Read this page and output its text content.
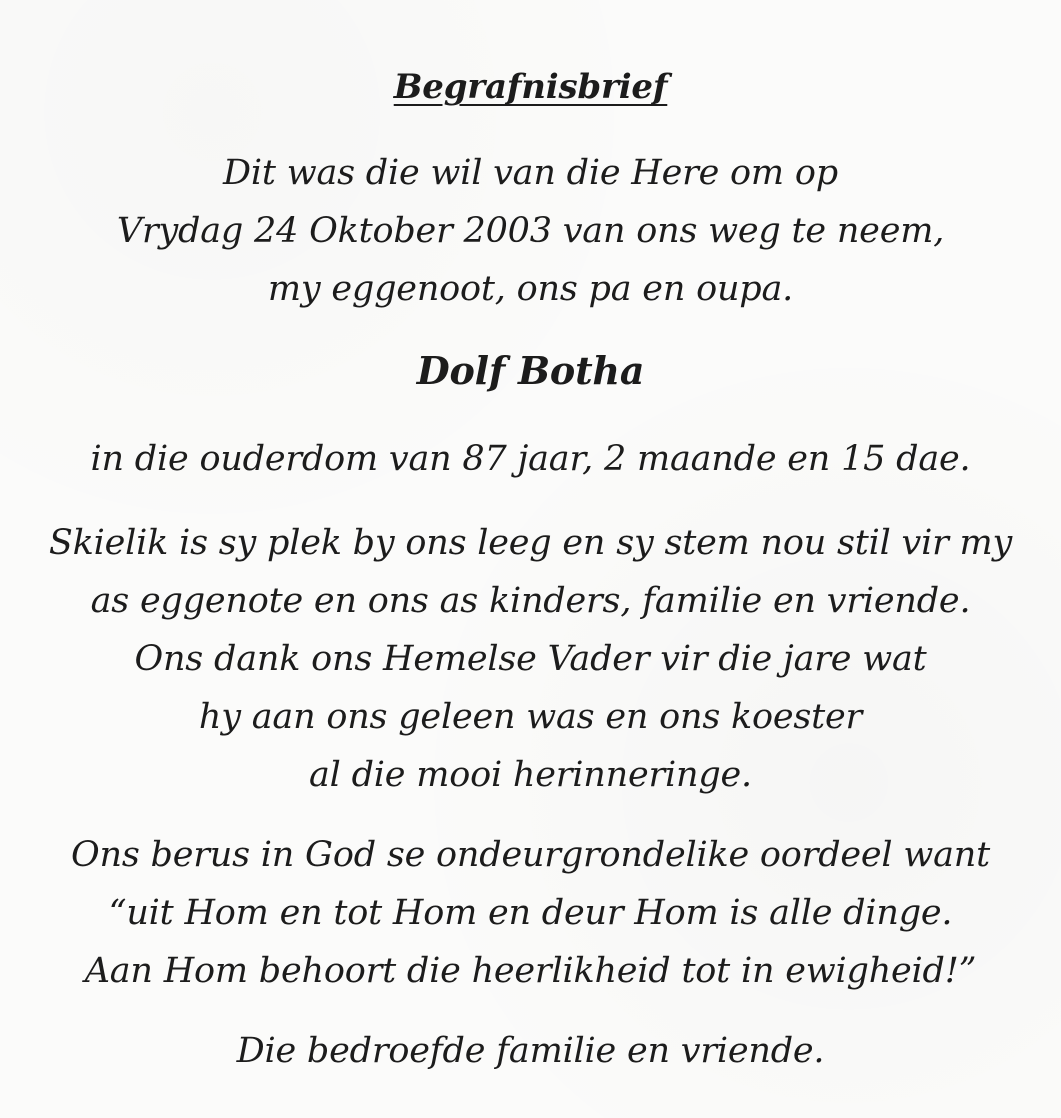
Begrafnisbrief
Dit was die wil van die Here om op
Vrydag 24 Oktober 2003 van ons weg te neem,
my eggenoot, ons pa en oupa.
Dolf Botha
in die ouderdom van 87 jaar, 2 maande en 15 dae.
Skielik is sy plek by ons leeg en sy stem nou stil vir my
as eggenote en ons as kinders, familie en vriende.
Ons dank ons Hemelse Vader vir die jare wat
hy aan ons geleen was en ons koester
al die mooi herinneringe.
Ons berus in God se ondeurgrondelike oordeel want
“uit Hom en tot Hom en deur Hom is alle dinge.
Aan Hom behoort die heerlikheid tot in ewigheid!”
Die bedroefde familie en vriende.
